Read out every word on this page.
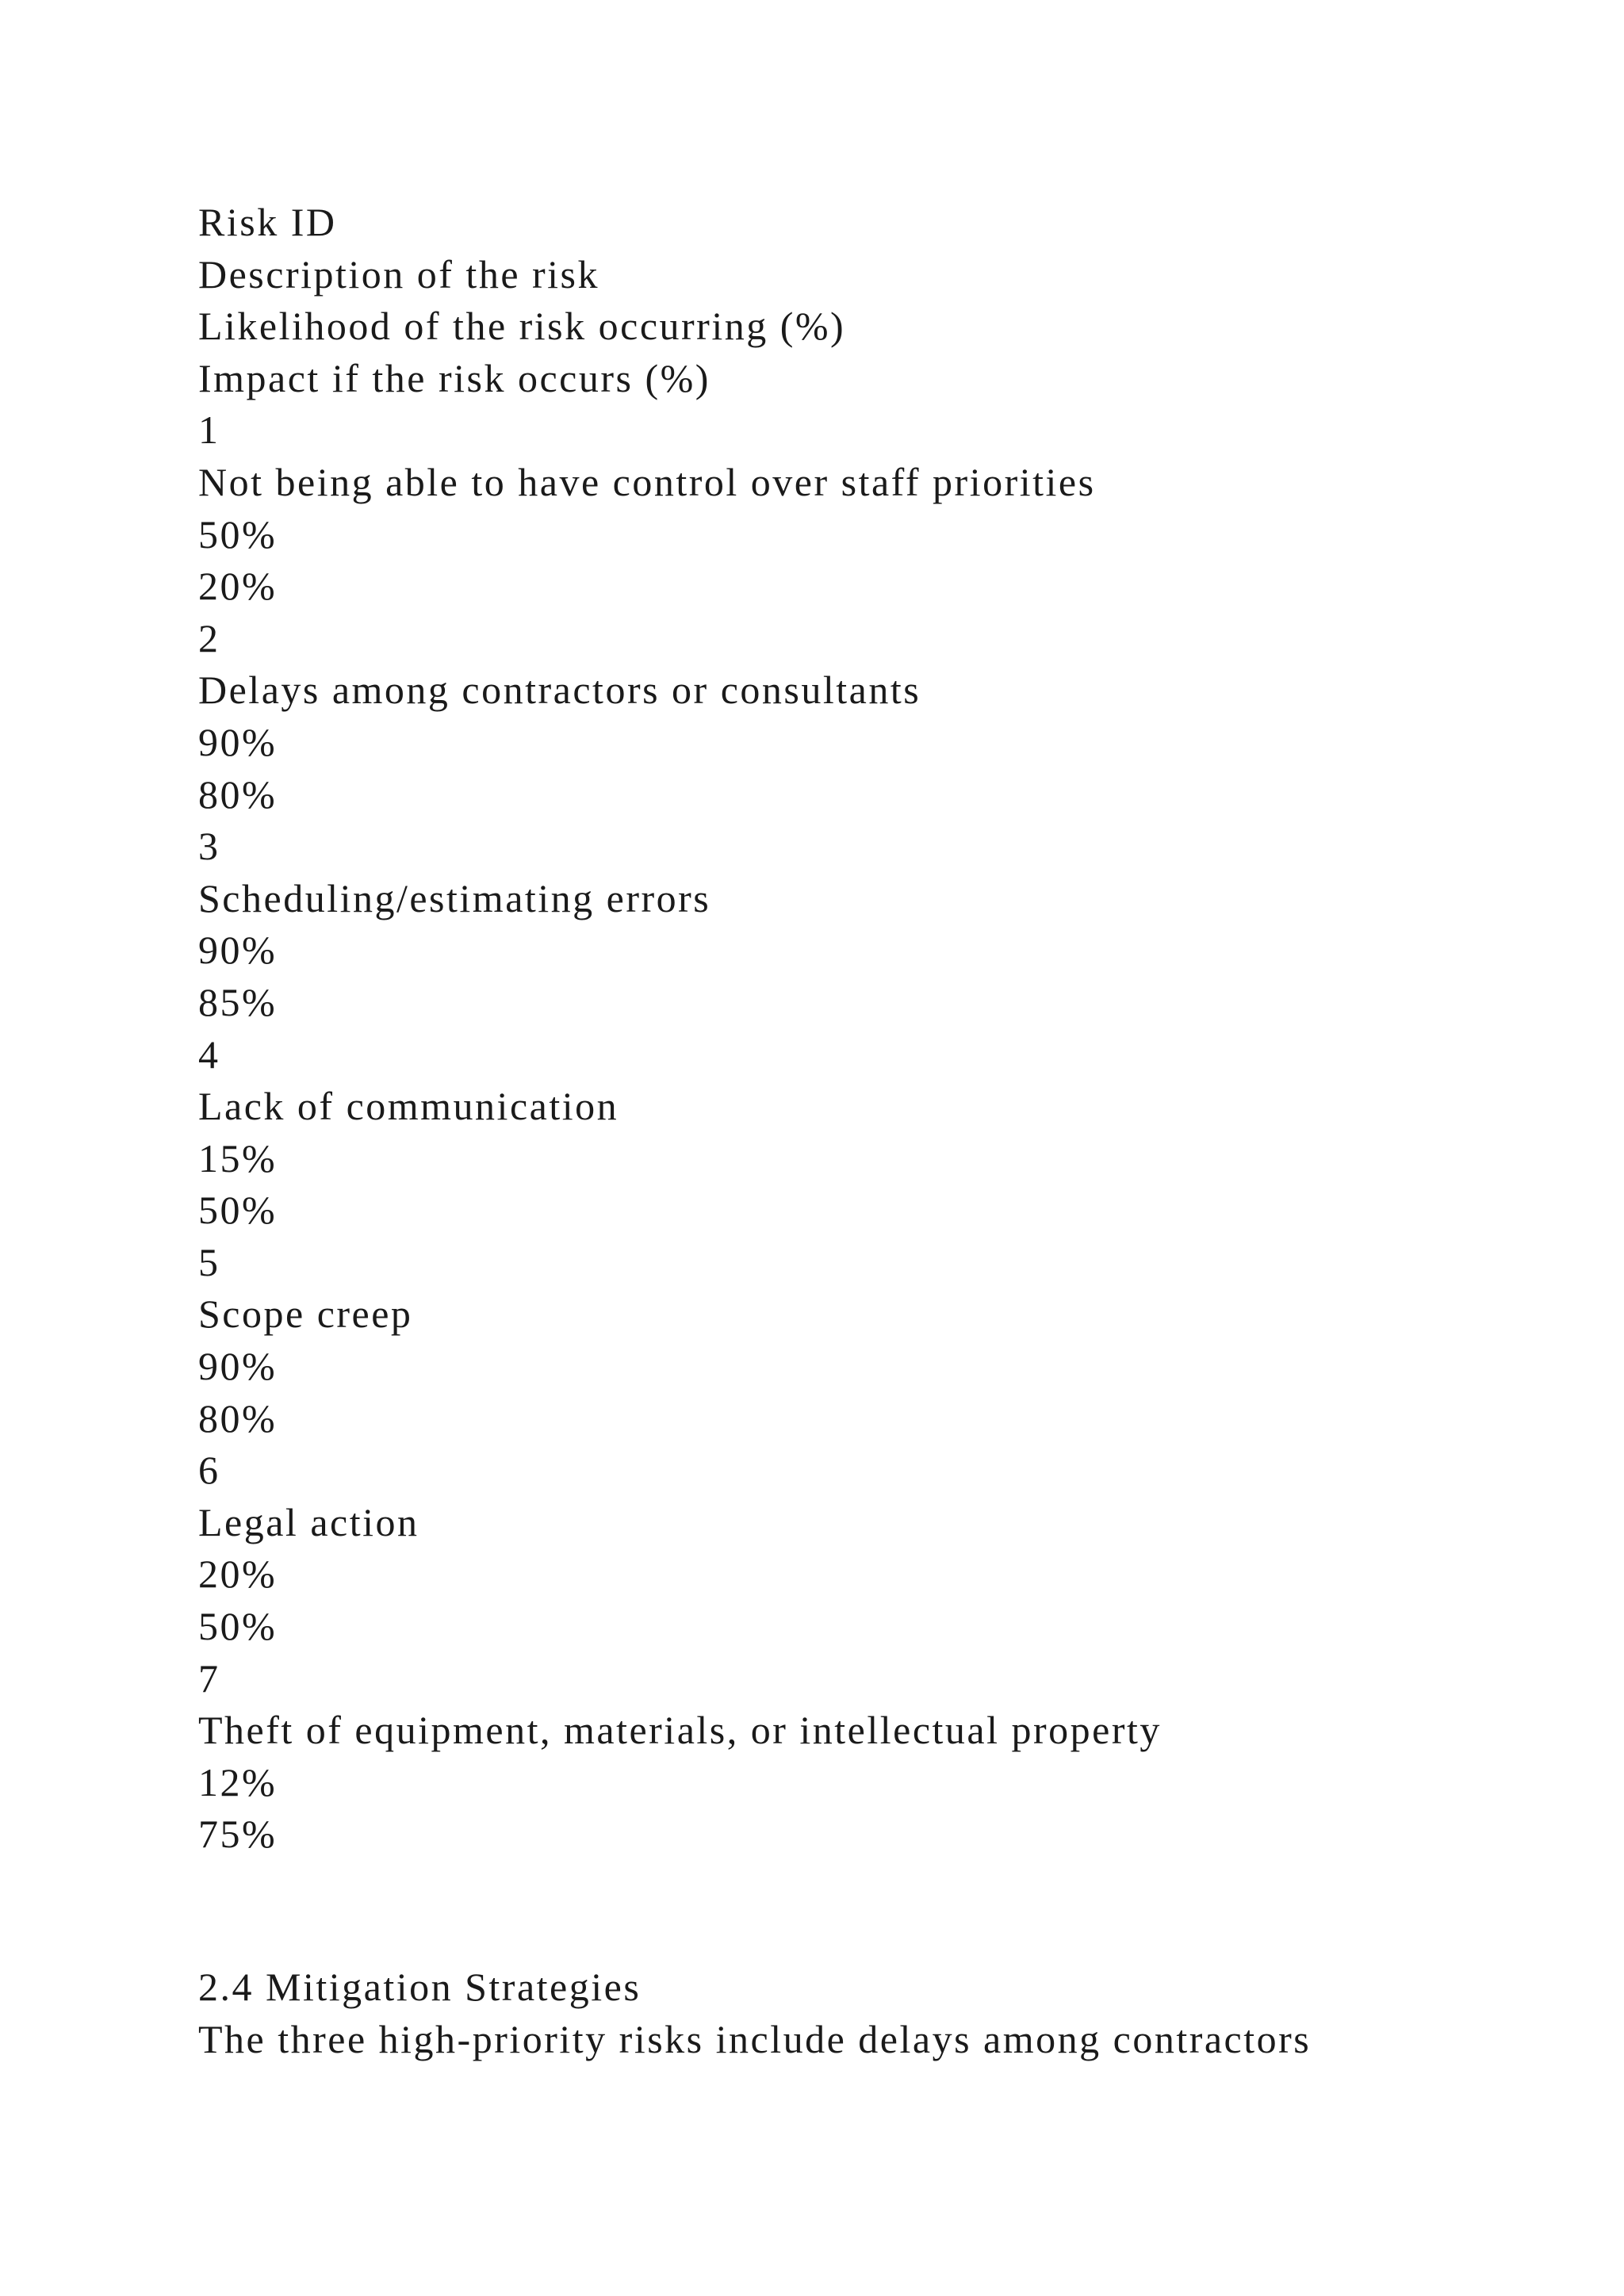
Risk ID
Description of the risk
Likelihood of the risk occurring (%)
Impact if the risk occurs (%)
1
Not being able to have control over staff priorities
50%
20%
2
Delays among contractors or consultants
90%
80%
3
Scheduling/estimating errors
90%
85%
4
Lack of communication
15%
50%
5
Scope creep
90%
80%
6
Legal action
20%
50%
7
Theft of equipment, materials, or intellectual property
12%
75%
2.4 Mitigation Strategies
The three high-priority risks include delays among contractors
